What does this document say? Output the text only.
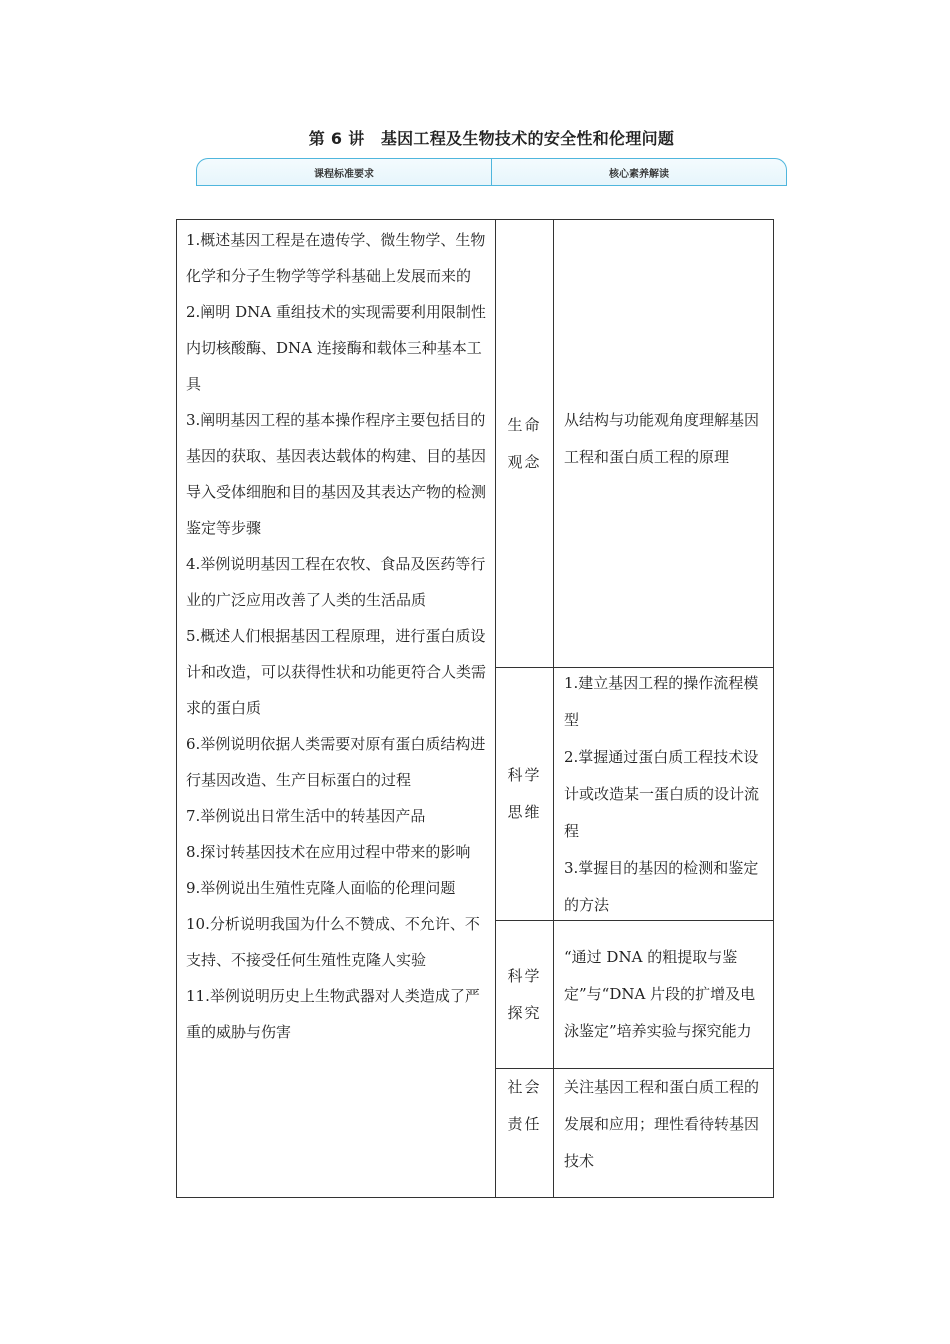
第 6 讲　基因工程及生物技术的安全性和伦理问题
课程标准要求	核心素养解读

1.概述基因工程是在遗传学、微生物学、生物化学和分子生物学等学科基础上发展而来的

2.阐明 DNA 重组技术的实现需要利用限制性内切核酸酶、DNA 连接酶和载体三种基本工具

3.阐明基因工程的基本操作程序主要包括目的基因的获取、基因表达载体的构建、目的基因导入受体细胞和目的基因及其表达产物的检测鉴定等步骤

4.举例说明基因工程在农牧、食品及医药等行业的广泛应用改善了人类的生活品质

5.概述人们根据基因工程原理，进行蛋白质设计和改造，可以获得性状和功能更符合人类需求的蛋白质

6.举例说明依据人类需要对原有蛋白质结构进行基因改造、生产目标蛋白的过程

7.举例说出日常生活中的转基因产品

8.探讨转基因技术在应用过程中带来的影响

9.举例说出生殖性克隆人面临的伦理问题

10.分析说明我国为什么不赞成、不允许、不支持、不接受任何生殖性克隆人实验

11.举例说明历史上生物武器对人类造成了严重的威胁与伤害

生命观念

从结构与功能观角度理解基因工程和蛋白质工程的原理

科学思维

1.建立基因工程的操作流程模型

2.掌握通过蛋白质工程技术设计或改造某一蛋白质的设计流程

3.掌握目的基因的检测和鉴定的方法

科学探究

“通过 DNA 的粗提取与鉴定”与“DNA 片段的扩增及电泳鉴定”培养实验与探究能力

社会责任

关注基因工程和蛋白质工程的发展和应用；理性看待转基因技术
